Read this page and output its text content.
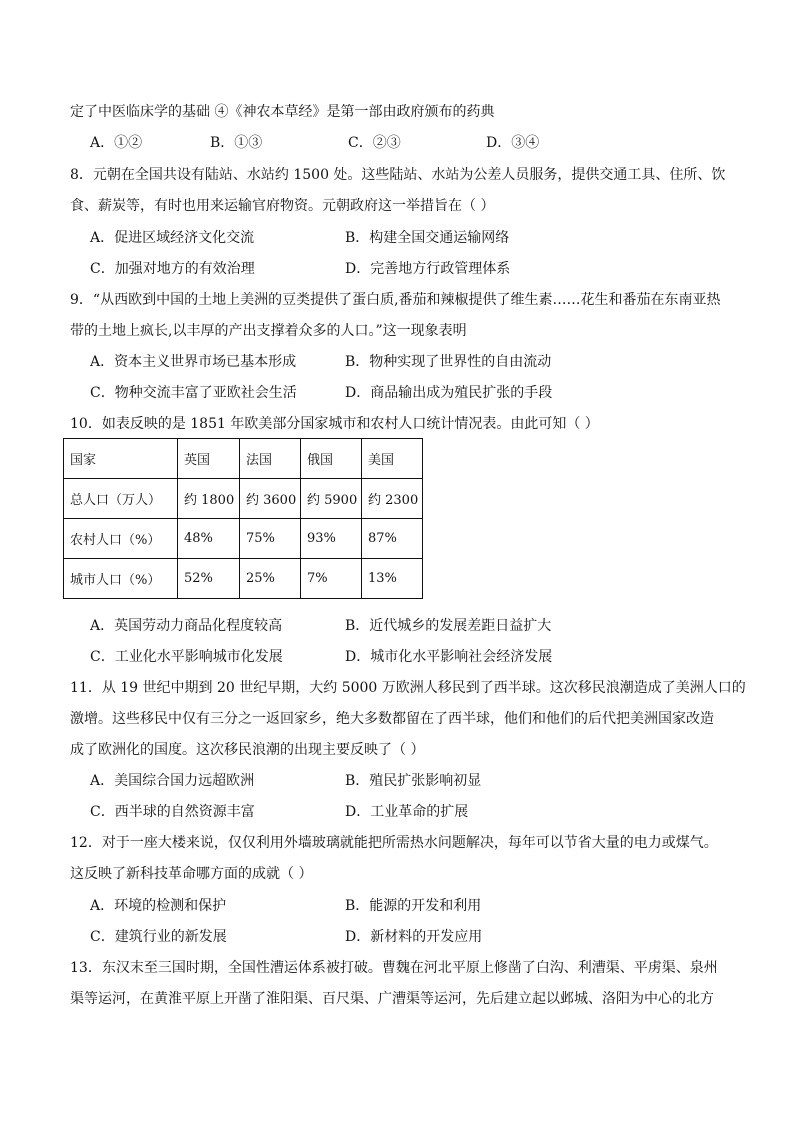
定了中医临床学的基础 ④《神农本草经》是第一部由政府颁布的药典
A．①②	B．①③	C．②③	D．③④
8．元朝在全国共设有陆站、水站约 1500 处。这些陆站、水站为公差人员服务，提供交通工具、住所、饮
食、薪炭等，有时也用来运输官府物资。元朝政府这一举措旨在（ ）
A．促进区域经济文化交流	B．构建全国交通运输网络
C．加强对地方的有效治理	D．完善地方行政管理体系
9．“从西欧到中国的土地上美洲的豆类提供了蛋白质,番茄和辣椒提供了维生素……花生和番茄在东南亚热
带的土地上疯长,以丰厚的产出支撑着众多的人口。”这一现象表明
A．资本主义世界市场已基本形成	B．物种实现了世界性的自由流动
C．物种交流丰富了亚欧社会生活	D．商品输出成为殖民扩张的手段
10．如表反映的是 1851 年欧美部分国家城市和农村人口统计情况表。由此可知（ ）
国家	英国	法国	俄国	美国
总人口（万人）	约 1800	约 3600	约 5900	约 2300
农村人口（%）	48%	75%	93%	87%
城市人口（%）	52%	25%	7%	13%
A．英国劳动力商品化程度较高	B．近代城乡的发展差距日益扩大
C．工业化水平影响城市化发展	D．城市化水平影响社会经济发展
11．从 19 世纪中期到 20 世纪早期，大约 5000 万欧洲人移民到了西半球。这次移民浪潮造成了美洲人口的
激增。这些移民中仅有三分之一返回家乡，绝大多数都留在了西半球，他们和他们的后代把美洲国家改造
成了欧洲化的国度。这次移民浪潮的出现主要反映了（ ）
A．美国综合国力远超欧洲	B．殖民扩张影响初显
C．西半球的自然资源丰富	D．工业革命的扩展
12．对于一座大楼来说，仅仅利用外墙玻璃就能把所需热水问题解决，每年可以节省大量的电力或煤气。
这反映了新科技革命哪方面的成就（ ）
A．环境的检测和保护	B．能源的开发和利用
C．建筑行业的新发展	D．新材料的开发应用
13．东汉末至三国时期，全国性漕运体系被打破。曹魏在河北平原上修凿了白沟、利漕渠、平虏渠、泉州
渠等运河，在黄淮平原上开凿了淮阳渠、百尺渠、广漕渠等运河，先后建立起以邺城、洛阳为中心的北方
